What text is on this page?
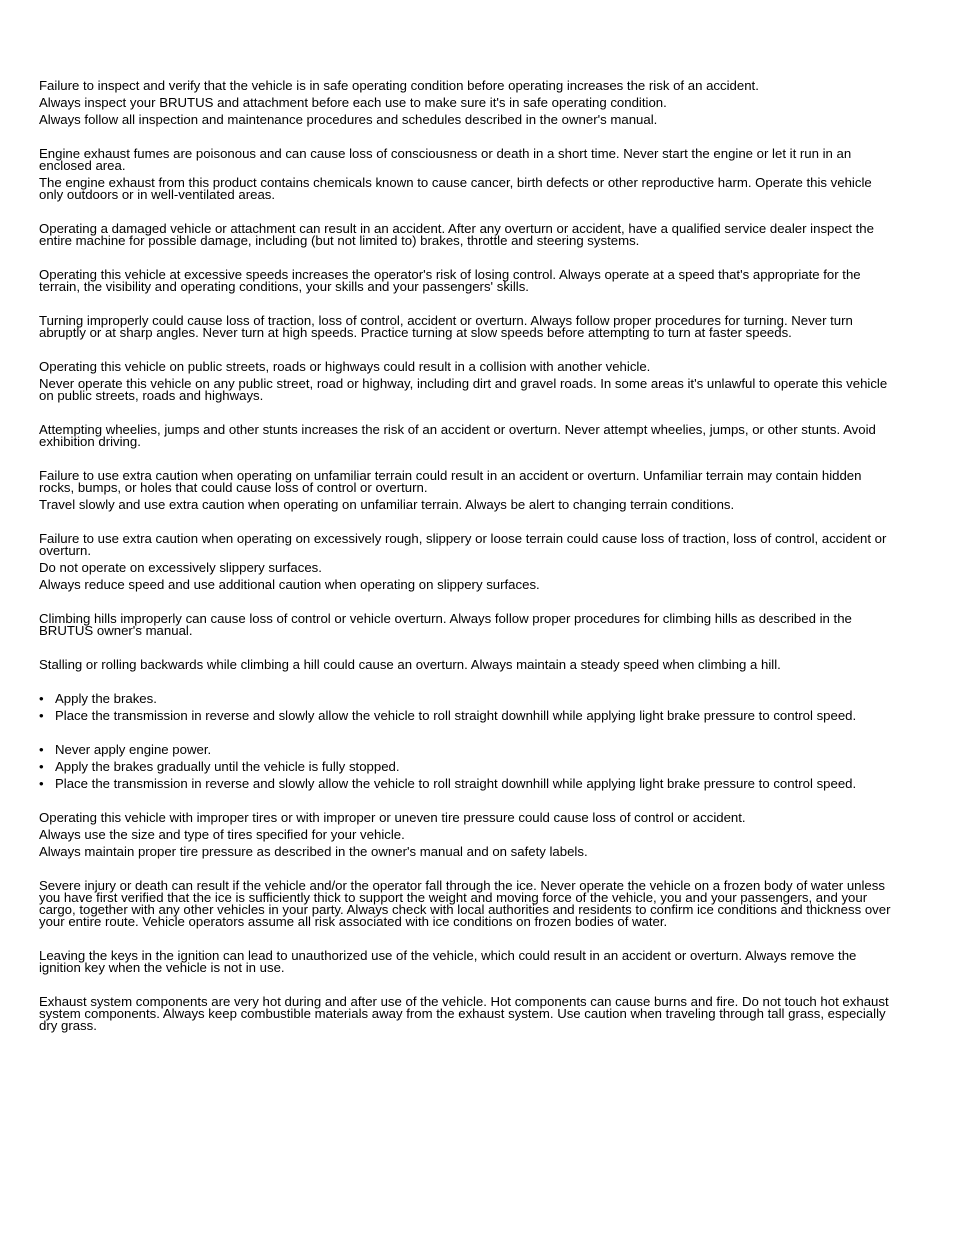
Failure to inspect and verify that the vehicle is in safe operating condition before operating increases the risk of an accident.

Always inspect your BRUTUS and attachment before each use to make sure it's in safe operating condition.

Always follow all inspection and maintenance procedures and schedules described in the owner's manual.

Engine exhaust fumes are poisonous and can cause loss of consciousness or death in a short time. Never start the engine or let it run in an enclosed area.

The engine exhaust from this product contains chemicals known to cause cancer, birth defects or other reproductive harm. Operate this vehicle only outdoors or in well-ventilated areas.

Operating a damaged vehicle or attachment can result in an accident. After any overturn or accident, have a qualified service dealer inspect the entire machine for possible damage, including (but not limited to) brakes, throttle and steering systems.

Operating this vehicle at excessive speeds increases the operator's risk of losing control. Always operate at a speed that's appropriate for the terrain, the visibility and operating conditions, your skills and your passengers' skills.

Turning improperly could cause loss of traction, loss of control, accident or overturn. Always follow proper procedures for turning. Never turn abruptly or at sharp angles. Never turn at high speeds. Practice turning at slow speeds before attempting to turn at faster speeds.

Operating this vehicle on public streets, roads or highways could result in a collision with another vehicle.

Never operate this vehicle on any public street, road or highway, including dirt and gravel roads. In some areas it's unlawful to operate this vehicle on public streets, roads and highways.

Attempting wheelies, jumps and other stunts increases the risk of an accident or overturn. Never attempt wheelies, jumps, or other stunts. Avoid exhibition driving.

Failure to use extra caution when operating on unfamiliar terrain could result in an accident or overturn. Unfamiliar terrain may contain hidden rocks, bumps, or holes that could cause loss of control or overturn.

Travel slowly and use extra caution when operating on unfamiliar terrain. Always be alert to changing terrain conditions.

Failure to use extra caution when operating on excessively rough, slippery or loose terrain could cause loss of traction, loss of control, accident or overturn.

Do not operate on excessively slippery surfaces.

Always reduce speed and use additional caution when operating on slippery surfaces.

Climbing hills improperly can cause loss of control or vehicle overturn. Always follow proper procedures for climbing hills as described in the BRUTUS owner's manual.

Stalling or rolling backwards while climbing a hill could cause an overturn. Always maintain a steady speed when climbing a hill.

• Apply the brakes.
• Place the transmission in reverse and slowly allow the vehicle to roll straight downhill while applying light brake pressure to control speed.
• Never apply engine power.
• Apply the brakes gradually until the vehicle is fully stopped.
• Place the transmission in reverse and slowly allow the vehicle to roll straight downhill while applying light brake pressure to control speed.

Operating this vehicle with improper tires or with improper or uneven tire pressure could cause loss of control or accident.

Always use the size and type of tires specified for your vehicle.

Always maintain proper tire pressure as described in the owner's manual and on safety labels.

Severe injury or death can result if the vehicle and/or the operator fall through the ice. Never operate the vehicle on a frozen body of water unless you have first verified that the ice is sufficiently thick to support the weight and moving force of the vehicle, you and your passengers, and your cargo, together with any other vehicles in your party. Always check with local authorities and residents to confirm ice conditions and thickness over your entire route. Vehicle operators assume all risk associated with ice conditions on frozen bodies of water.

Leaving the keys in the ignition can lead to unauthorized use of the vehicle, which could result in an accident or overturn. Always remove the ignition key when the vehicle is not in use.

Exhaust system components are very hot during and after use of the vehicle. Hot components can cause burns and fire. Do not touch hot exhaust system components. Always keep combustible materials away from the exhaust system. Use caution when traveling through tall grass, especially dry grass.
